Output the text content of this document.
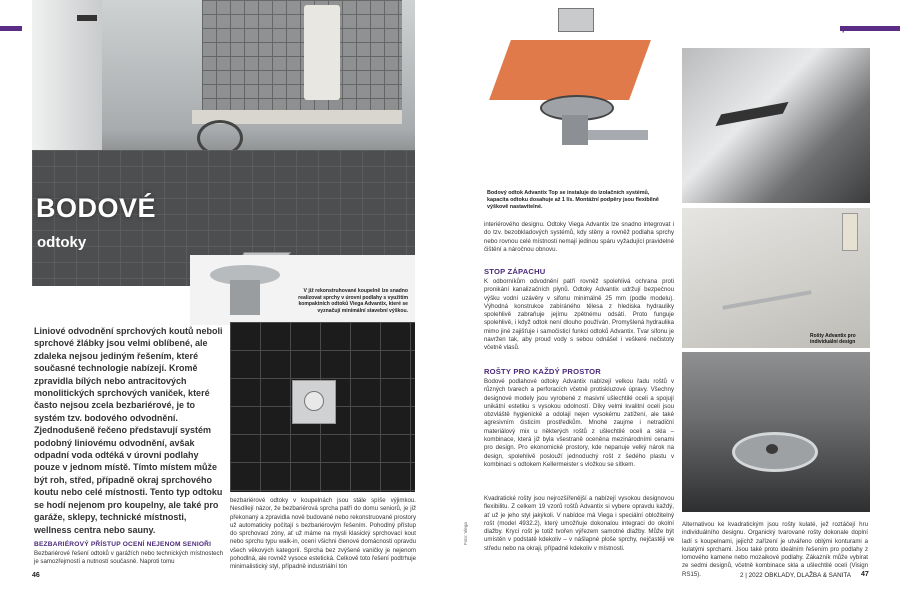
V již rekonstruhované koupelně lze snadno realizovat sprchy v úrovni podlahy s využitím kompaktních odtoků Viega Advantix, které se vyznačují minimální stavební výškou.
BODOVÉ
odtoky
Liniové odvodnění sprchových koutů neboli sprchové žlábky jsou velmi oblíbené, ale zdaleka nejsou jediným řešením, které současné technologie nabízejí. Kromě zpravidla bílých nebo antracitových monolitických sprchových vaniček, které často nejsou zcela bezbariérové, je to systém tzv. bodového odvodnění. Zjednodušeně řečeno představují systém podobný liniovému odvodnění, avšak odpadní voda odtéká v úrovni podlahy pouze v jednom místě. Tímto místem může být roh, střed, případně okraj sprchového koutu nebo celé místnosti. Tento typ odtoku se hodí nejenom pro koupelny, ale také pro garáže, sklepy, technické místnosti, wellness centra nebo sauny.
BEZBARIÉROVÝ PŘÍSTUP OCENÍ NEJENOM SENIOŘI
Bezbariérové řešení odtoků v garážích nebo technických místnostech je samozřejmostí a nutností současně. Naproti tomu
bezbariérové odtoky v koupelnách jsou stále spíše výjimkou. Nesdílejí názor, že bezbariérová sprcha patří do domu seniorů, je již překonaný a zpravidla nově budované nebo rekonstruované prostory už automaticky počítají s bezbariérovým řešením. Pohodlný přístup do sprchovací zóny, ať už máme na mysli klasický sprchovací kout nebo sprchu typu walk-in, ocení všichni členové domácnosti opravdu všech věkových kategorií. Sprcha bez zvýšené vaničky je nejenom pohodlná, ale rovněž vysoce estetická. Celkově toto řešení podtrhuje minimalistický styl, případně industriální tón
46
praxe
Bodový odtok Advantix Top se instaluje do izolačních systémů, kapacita odtoku dosahuje až 1 l/s. Montážní podpěry jsou flexibilně výškově nastavitelné.
interiérového designu. Odtoky Viega Advantix lze snadno integrovat i do tzv. bezobkladových systémů, kdy stěny a rovněž podlaha sprchy nebo rovnou celé místnosti nemají jedinou spáru vyžadující pravidelné čištění a náročnou obnovu.
STOP ZÁPACHU
K odborníkům odvodnění patří rovněž spolehlivá ochrana proti pronikání kanalizačních plynů. Odtoky Advantix udržují bezpečnou výšku vodní uzávěry v sifonu minimálně 25 mm (podle modelu). Výhodná konstrukce zabíráného tělesa z hlediska hydrauliky spolehlivě zabraňuje jejímu zpětnému odsátí. Proto funguje spolehlivě, i když odtok není dlouho používán. Promyšlená hydraulika mimo jiné zajišťuje i samočisticí funkci odtoků Advantix. Tvar sifonu je navržen tak, aby proud vody s sebou odnášel i veškeré nečistoty včetně vlasů.
ROŠTY PRO KAŽDÝ PROSTOR
Bodové podlahové odtoky Advantix nabízejí velkou řadu roštů v různých tvarech a perforacích včetně protiskluzové úpravy. Všechny designové modely jsou vyrobené z masivní ušlechtilé oceli a spojují unikátní estetiku s vysokou odolností. Díky velmi kvalitní oceli jsou obzvláště hygienické a odolají nejen vysokému zatížení, ale také agresivním čisticím prostředkům. Mnohé zaujme i netradiční materiálový mix u některých roštů z ušlechtilé oceli a skla – kombinace, která již byla všestraně oceněna mezinárodními cenami pro design. Pro ekonomické prostory, kde nepanuje velký nárok na design, spolehlivě poslouží jednoduchý rošt z šedého plastu v kombinaci s odtokem Kellermeister s vložkou se sítkem.
Kvadratické rošty jsou nejrozšířenější a nabízejí vysokou designovou flexibilitu. Z celkem 19 vzorů roštů Advantix si vybere opravdu každý, ať už je jeho styl jakýkoli. V nabídce má Viega i speciální obložitelný rošt (model 4932.2), který umožňuje dokonalou integraci do okolní dlažby. Krycí rošt je totiž tvořen výřezem samotné dlažby. Může být umístěn v podstatě kdekoliv – v nášlapné ploše sprchy, nejčastěji ve středu nebo na okraji, případně kdekoliv v místnosti.
Alternativou ke kvadratickým jsou rošty kulaté, jež roztáčejí hru individuálního designu. Organický tvarované rošty dokonale doplní ladí s koupelnami, jejichž zařízení je utvářeno oblými konturami a kulatými sprchami. Jsou také proto ideálním řešením pro podlahy z lomového kamene nebo mozaikové podlahy. Zákazník může vybírat ze sedmi designů, včetně kombinace skla a ušlechtilé oceli (Visign RS15).
Foto: Viega
Rošty Advantix pro individuální design
2 | 2022 OBKLADY, DLAŽBA & SANITA 47
